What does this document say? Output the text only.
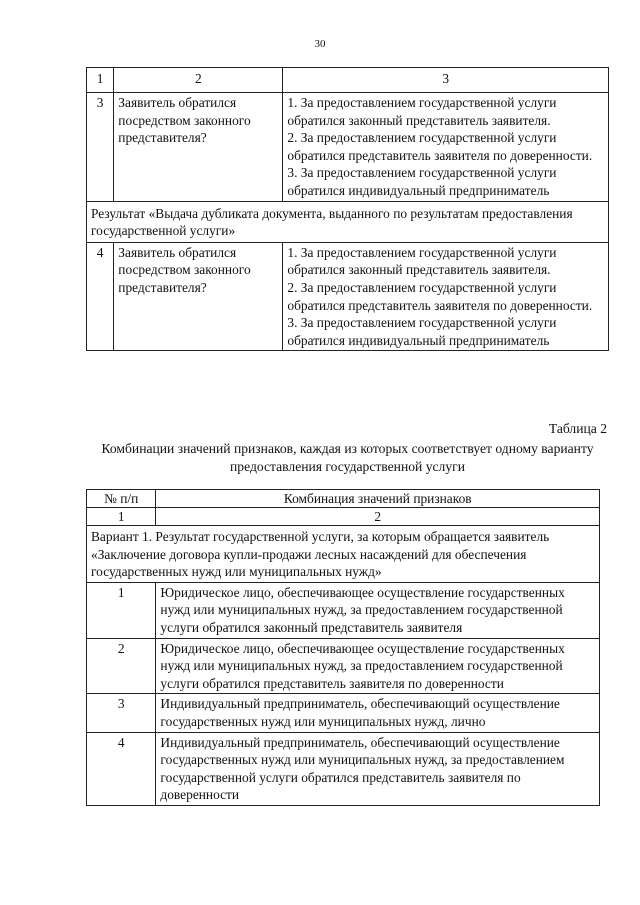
30
1	2	3
3	Заявитель обратился посредством законного представителя?	1. За предоставлением государственной услуги обратился законный представитель заявителя.
2. За предоставлением государственной услуги обратился представитель заявителя по доверенности.
3. За предоставлением государственной услуги обратился индивидуальный предприниматель

Результат «Выдача дубликата документа, выданного по результатам предоставления государственной услуги»		
4	Заявитель обратился посредством законного представителя?	1. За предоставлением государственной услуги обратился законный представитель заявителя.
2. За предоставлением государственной услуги обратился представитель заявителя по доверенности.
3. За предоставлением государственной услуги обратился индивидуальный предприниматель
Таблица 2
Комбинации значений признаков, каждая из которых соответствует одному варианту предоставления государственной услуги
№ п/п	Комбинация значений признаков
1	2
Вариант 1. Результат государственной услуги, за которым обращается заявитель «Заключение договора купли-продажи лесных насаждений для обеспечения государственных нужд или муниципальных нужд»	
1	Юридическое лицо, обеспечивающее осуществление государственных нужд или муниципальных нужд, за предоставлением государственной услуги обратился законный представитель заявителя
2	Юридическое лицо, обеспечивающее осуществление государственных нужд или муниципальных нужд, за предоставлением государственной услуги обратился представитель заявителя по доверенности
3	Индивидуальный предприниматель, обеспечивающий осуществление государственных нужд или муниципальных нужд, лично
4	Индивидуальный предприниматель, обеспечивающий осуществление государственных нужд или муниципальных нужд, за предоставлением государственной услуги обратился представитель заявителя по доверенности
